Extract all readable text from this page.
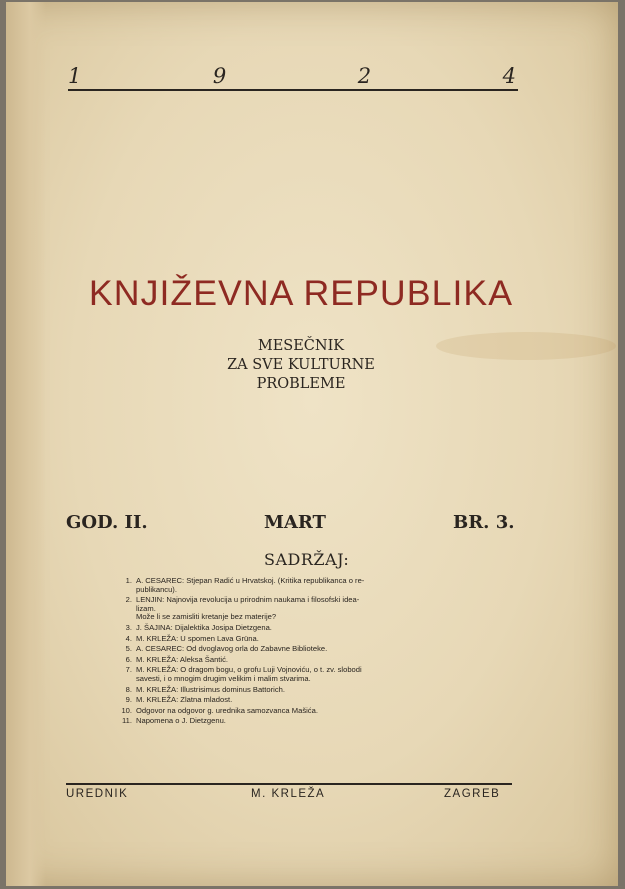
1	9	2	4
KNJIŽEVNA REPUBLIKA
MESEČNIK
ZA SVE KULTURNE
PROBLEME
GOD. II.	MART	BR. 3.
SADRŽAJ:
1. A. CESAREC: Stjepan Radić u Hrvatskoj. (Kritika republikanca o re-
publikancu).
2. LENJIN: Najnovija revolucija u prirodnim naukama i filosofski idea-
lizam.
Može li se zamisliti kretanje bez materije?
3. J. ŠAJINA: Dijalektika Josipa Dietzgena.
4. M. KRLEŽA: U spomen Lava Grüna.
5. A. CESAREC: Od dvoglavog orla do Zabavne Biblioteke.
6. M. KRLEŽA: Aleksa Šantić.
7. M. KRLEŽA: O dragom bogu, o grofu Luji Vojnoviću, o t. zv. slobodi
savesti, i o mnogim drugim velikim i malim stvarima.
8. M. KRLEŽA: Illustrisimus dominus Battorich.
9. M. KRLEŽA: Zlatna mladost.
10. Odgovor na odgovor g. urednika samozvanca Mašića.
11. Napomena o J. Dietzgenu.
UREDNIK	M. KRLEŽA	ZAGREB
